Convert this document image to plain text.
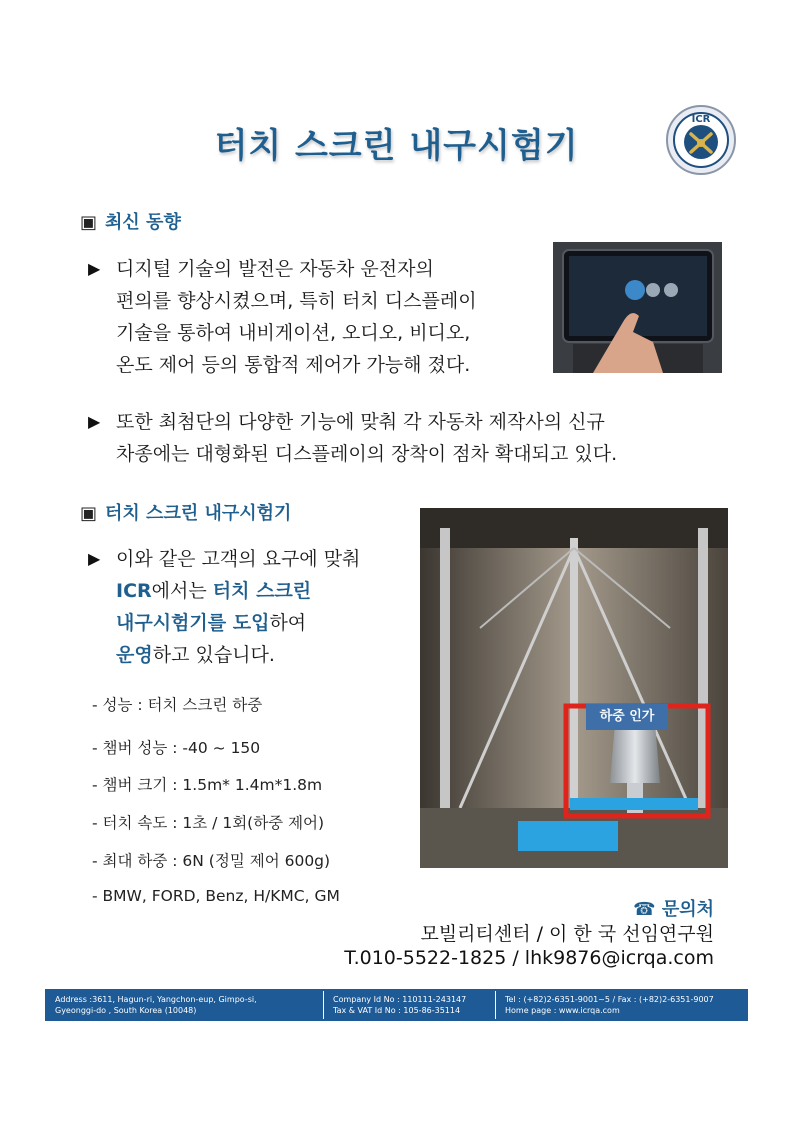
터치 스크린 내구시험기
ICR
▣ 최신 동향
▶ 디지털 기술의 발전은 자동차 운전자의
편의를 향상시켰으며, 특히 터치 디스플레이
기술을 통하여 내비게이션, 오디오, 비디오,
온도 제어 등의 통합적 제어가 가능해 졌다.
▶ 또한 최첨단의 다양한 기능에 맞춰 각 자동차 제작사의 신규
차종에는 대형화된 디스플레이의 장착이 점차 확대되고 있다.
▣ 터치 스크린 내구시험기
▶ 이와 같은 고객의 요구에 맞춰
ICR에서는 터치 스크린
내구시험기를 도입하여
운영하고 있습니다.
- 성능 : 터치 스크린 하중
- 챔버 성능 : -40 ~ 150
- 챔버 크기 : 1.5m* 1.4m*1.8m
- 터치 속도 : 1초 / 1회(하중 제어)
- 최대 하중 : 6N (정밀 제어 600g)
- BMW, FORD, Benz, H/KMC, GM
하중 인가
☎ 문의처
모빌리티센터 / 이 한 국 선임연구원
T.010-5522-1825 / lhk9876@icrqa.com
Address :3611, Hagun-ri, Yangchon-eup, Gimpo-si,
Gyeonggi-do , South Korea (10048)
Company Id No : 110111-243147
Tax & VAT Id No : 105-86-35114
Tel : (+82)2-6351-9001~5 / Fax : (+82)2-6351-9007
Home page : www.icrqa.com
